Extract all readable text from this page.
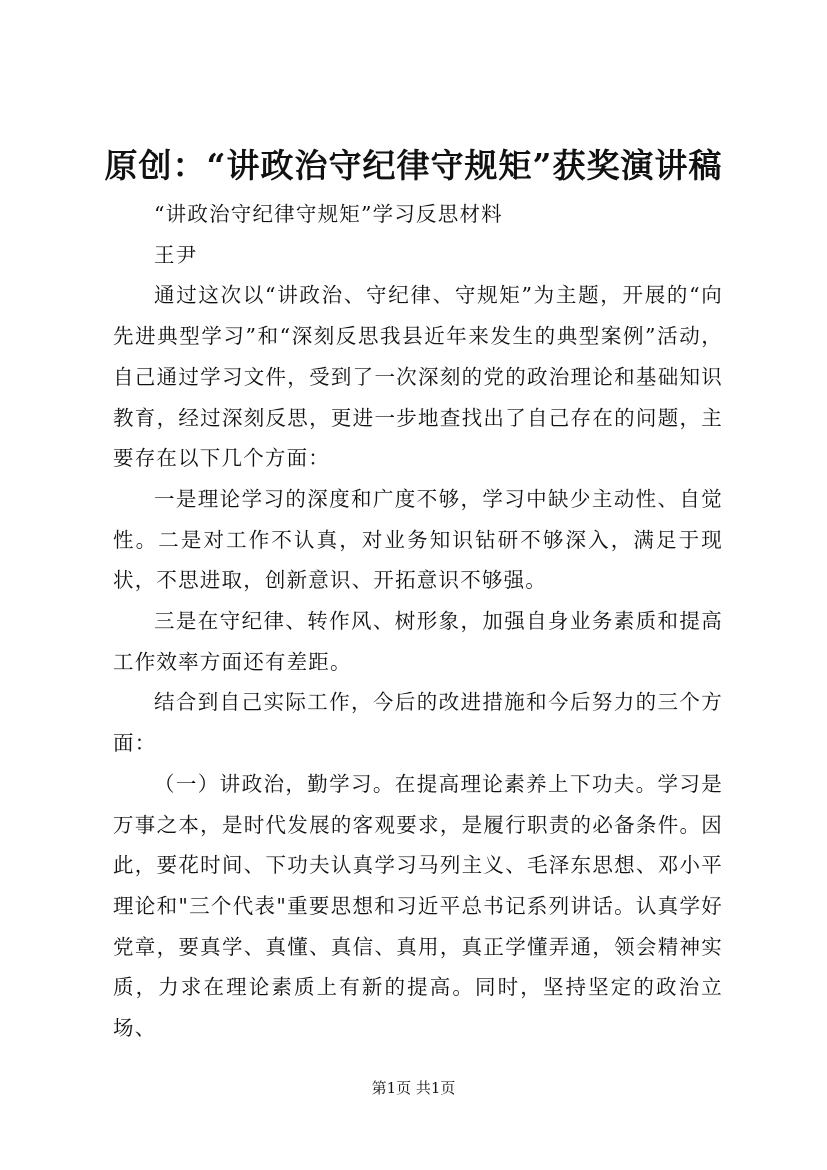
原创：“讲政治守纪律守规矩”获奖演讲稿

“讲政治守纪律守规矩”学习反思材料

王尹

通过这次以“讲政治、守纪律、守规矩”为主题，开展的“向先进典型学习”和“深刻反思我县近年来发生的典型案例”活动，自己通过学习文件，受到了一次深刻的党的政治理论和基础知识教育，经过深刻反思，更进一步地查找出了自己存在的问题，主要存在以下几个方面：

一是理论学习的深度和广度不够，学习中缺少主动性、自觉性。二是对工作不认真，对业务知识钻研不够深入，满足于现状，不思进取，创新意识、开拓意识不够强。

三是在守纪律、转作风、树形象，加强自身业务素质和提高工作效率方面还有差距。

结合到自己实际工作，今后的改进措施和今后努力的三个方面：

（一）讲政治，勤学习。在提高理论素养上下功夫。学习是万事之本，是时代发展的客观要求，是履行职责的必备条件。因此，要花时间、下功夫认真学习马列主义、毛泽东思想、邓小平理论和"三个代表"重要思想和习近平总书记系列讲话。认真学好党章，要真学、真懂、真信、真用，真正学懂弄通，领会精神实质，力求在理论素质上有新的提高。同时，坚持坚定的政治立场、

第1页 共1页
